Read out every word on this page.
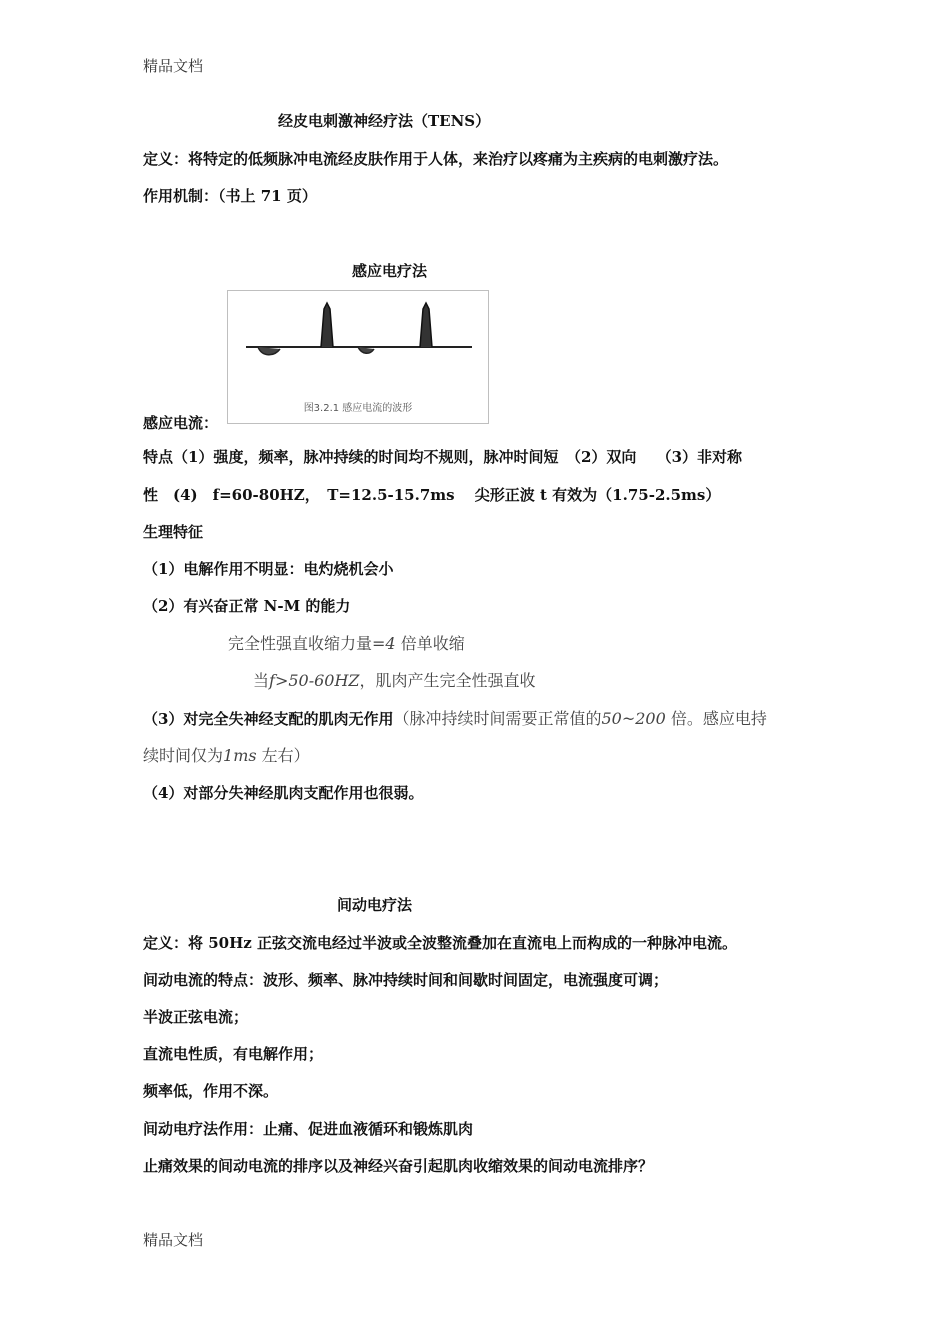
精品文档
经皮电刺激神经疗法（TENS）
定义：将特定的低频脉冲电流经皮肤作用于人体，来治疗以疼痛为主疾病的电刺激疗法。
作用机制：（书上 71 页）
感应电疗法
图3.2.1 感应电流的波形
感应电流：
特点（1）强度，频率，脉冲持续的时间均不规则，脉冲时间短　（2）双向　 （3）非对称
性　(4)　f=60-80HZ，　T=12.5-15.7ms　 尖形正波 t 有效为（1.75-2.5ms）
生理特征
（1）电解作用不明显：电灼烧机会小
（2）有兴奋正常 N-M 的能力
完全性强直收缩力量=4 倍单收缩
当f>50-60HZ，肌肉产生完全性强直收
（3）对完全失神经支配的肌肉无作用（脉冲持续时间需要正常值的50~200 倍。感应电持
续时间仅为1ms 左右）
（4）对部分失神经肌肉支配作用也很弱。
间动电疗法
定义：将 50Hz 正弦交流电经过半波或全波整流叠加在直流电上而构成的一种脉冲电流。
间动电流的特点：波形、频率、脉冲持续时间和间歇时间固定，电流强度可调；
半波正弦电流；
直流电性质，有电解作用；
频率低，作用不深。
间动电疗法作用：止痛、促进血液循环和锻炼肌肉
止痛效果的间动电流的排序以及神经兴奋引起肌肉收缩效果的间动电流排序？
精品文档
